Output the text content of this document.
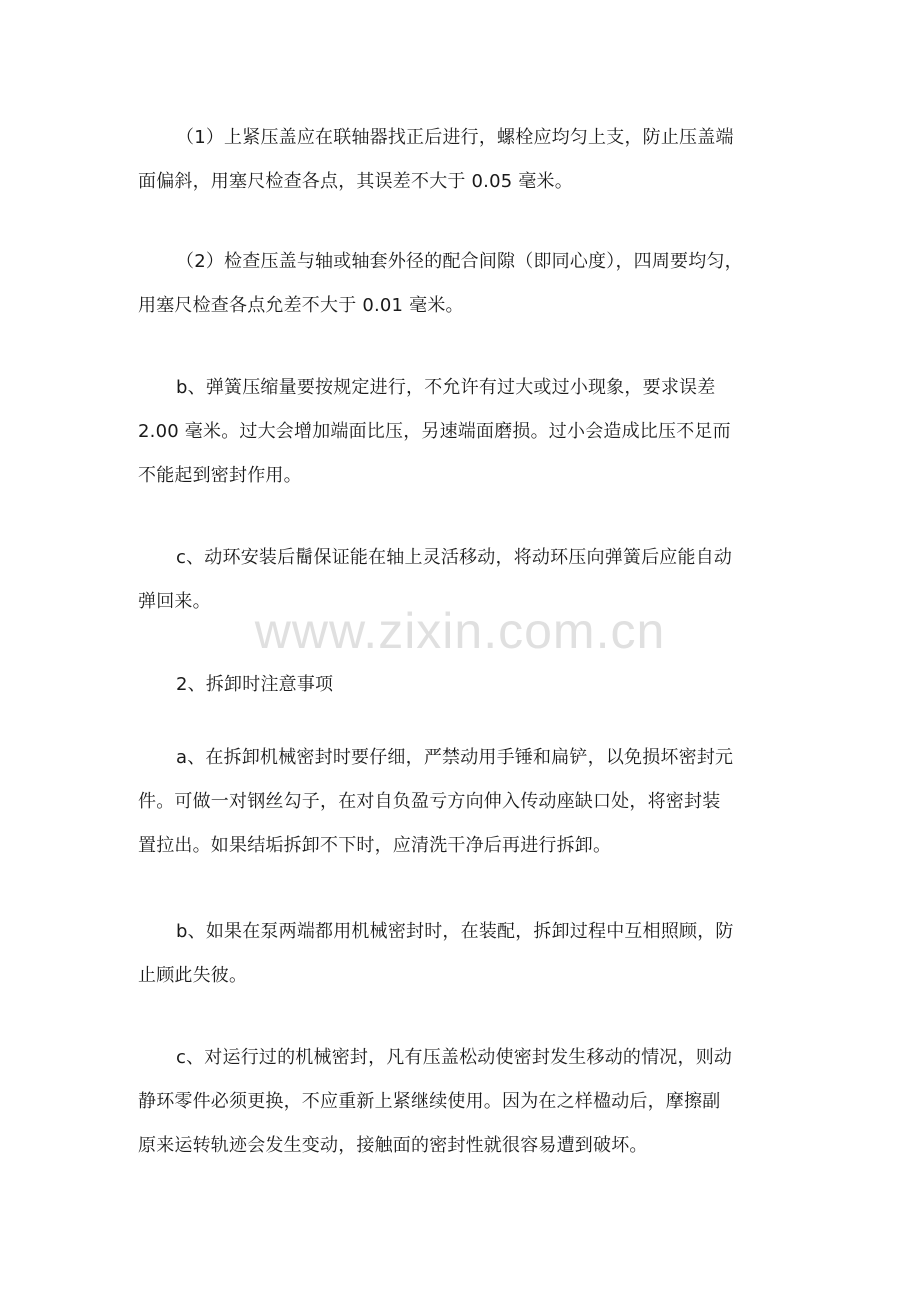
（1）上紧压盖应在联轴器找正后进行，螺栓应均匀上支，防止压盖端
面偏斜，用塞尺检查各点，其误差不大于 0.05 毫米。
（2）检查压盖与轴或轴套外径的配合间隙（即同心度），四周要均匀，
用塞尺检查各点允差不大于 0.01 毫米。
b、弹簧压缩量要按规定进行，不允许有过大或过小现象，要求误差
2.00 毫米。过大会增加端面比压，另速端面磨损。过小会造成比压不足而
不能起到密封作用。
c、动环安装后鬝保证能在轴上灵活移动，将动环压向弹簧后应能自动
弹回来。
2、拆卸时注意事项
a、在拆卸机械密封时要仔细，严禁动用手锤和扁铲，以免损坏密封元
件。可做一对钢丝勾子，在对自负盈亏方向伸入传动座缺口处，将密封装
置拉出。如果结垢拆卸不下时，应清洗干净后再进行拆卸。
b、如果在泵两端都用机械密封时，在装配，拆卸过程中互相照顾，防
止顾此失彼。
c、对运行过的机械密封，凡有压盖松动使密封发生移动的情况，则动
静环零件必须更换，不应重新上紧继续使用。因为在之样楹动后，摩擦副
原来运转轨迹会发生变动，接触面的密封性就很容易遭到破坏。
www.zixin.com.cn
